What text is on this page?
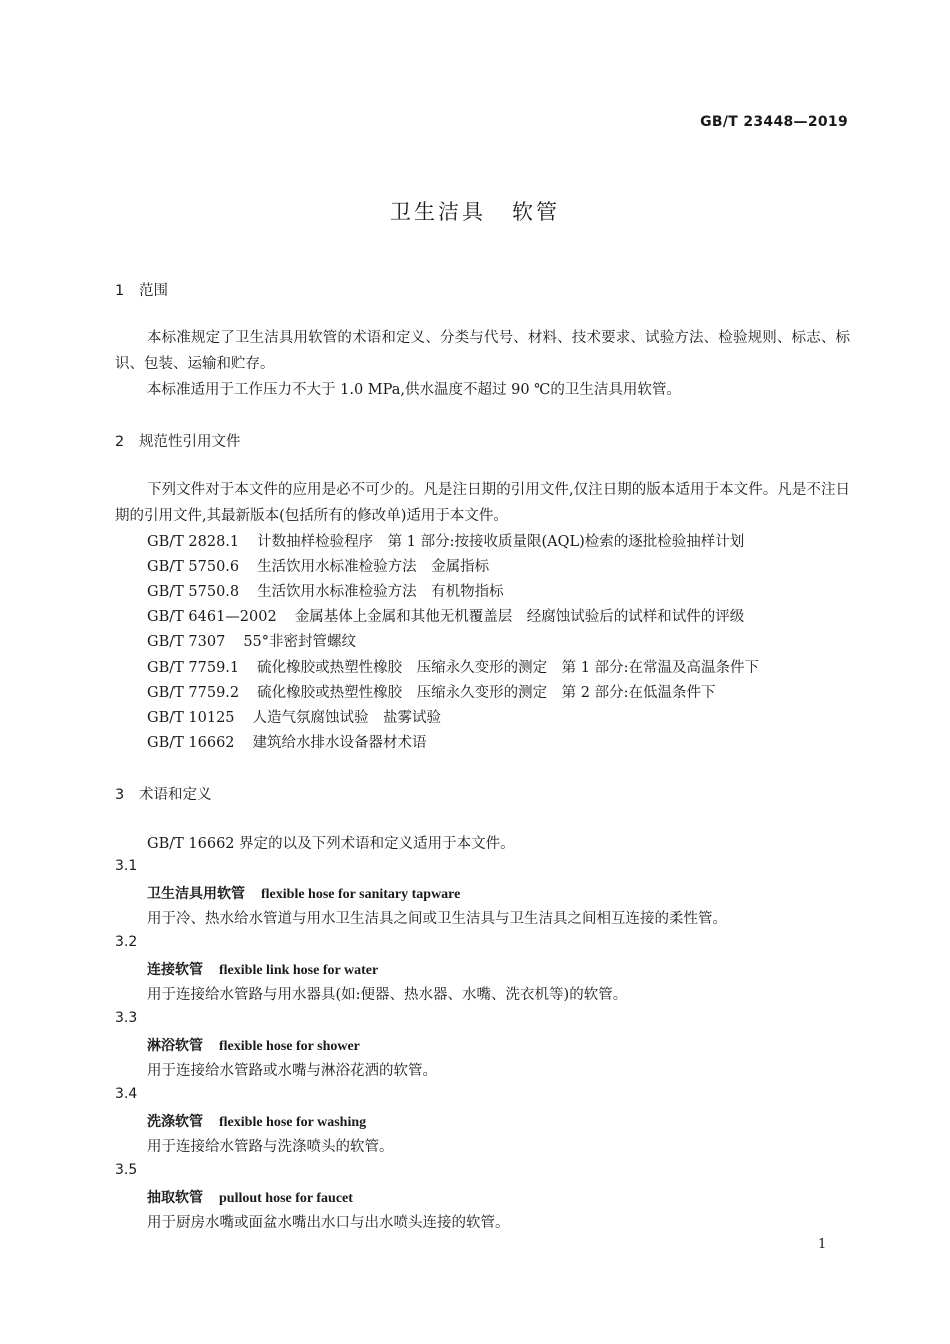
GB/T 23448—2019
卫生洁具 软管
1 范围
本标准规定了卫生洁具用软管的术语和定义、分类与代号、材料、技术要求、试验方法、检验规则、标志、标识、包装、运输和贮存。
本标准适用于工作压力不大于 1.0 MPa,供水温度不超过 90 ℃的卫生洁具用软管。
2 规范性引用文件
下列文件对于本文件的应用是必不可少的。凡是注日期的引用文件,仅注日期的版本适用于本文件。凡是不注日期的引用文件,其最新版本(包括所有的修改单)适用于本文件。
GB/T 2828.1 计数抽样检验程序　第 1 部分:按接收质量限(AQL)检索的逐批检验抽样计划
GB/T 5750.6 生活饮用水标准检验方法　金属指标
GB/T 5750.8 生活饮用水标准检验方法　有机物指标
GB/T 6461—2002 金属基体上金属和其他无机覆盖层　经腐蚀试验后的试样和试件的评级
GB/T 7307 55°非密封管螺纹
GB/T 7759.1 硫化橡胶或热塑性橡胶　压缩永久变形的测定　第 1 部分:在常温及高温条件下
GB/T 7759.2 硫化橡胶或热塑性橡胶　压缩永久变形的测定　第 2 部分:在低温条件下
GB/T 10125 人造气氛腐蚀试验　盐雾试验
GB/T 16662 建筑给水排水设备器材术语
3 术语和定义
GB/T 16662 界定的以及下列术语和定义适用于本文件。
3.1
卫生洁具用软管 flexible hose for sanitary tapware
用于冷、热水给水管道与用水卫生洁具之间或卫生洁具与卫生洁具之间相互连接的柔性管。
3.2
连接软管 flexible link hose for water
用于连接给水管路与用水器具(如:便器、热水器、水嘴、洗衣机等)的软管。
3.3
淋浴软管 flexible hose for shower
用于连接给水管路或水嘴与淋浴花洒的软管。
3.4
洗涤软管 flexible hose for washing
用于连接给水管路与洗涤喷头的软管。
3.5
抽取软管 pullout hose for faucet
用于厨房水嘴或面盆水嘴出水口与出水喷头连接的软管。
1
